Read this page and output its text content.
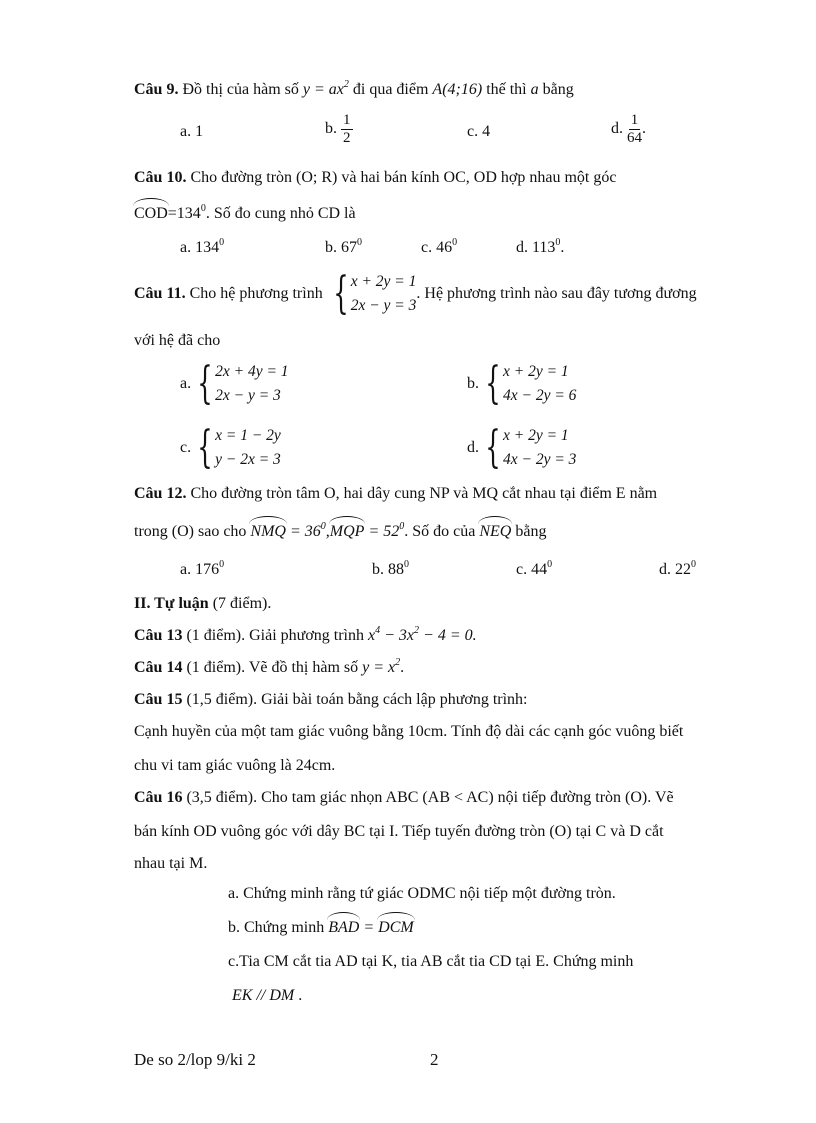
Câu 9. Đồ thị của hàm số $y = ax^2$ đi qua điểm A(4;16) thế thì a bằng
a. 1	b. $\frac{1}{2}$	c. 4	d. $\frac{1}{64}$ .
Câu 10. Cho đường tròn (O; R) và hai bán kính OC, OD hợp nhau một góc
$COD=134^0$. Số đo cung nhỏ CD là
a. $134^0$	b. $67^0$	c. $46^0$	d. $113^0$.
Câu 11. Cho hệ phương trình { x + 2y = 1
2x − y = 3
. Hệ phương trình nào sau đây tương đương
với hệ đã cho
a. { 2x + 4y = 1
2x − y = 3
b. { x + 2y = 1
4x − 2y = 6
c. { x = 1 − 2y
y − 2x = 3
d. { x + 2y = 1
4x − 2y = 3
Câu 12. Cho đường tròn tâm O, hai dây cung NP và MQ cắt nhau tại điểm E nằm
trong (O) sao cho NMQ = $36^0,MQP = 52^0$. Số đo của NEQ bằng
a. $176^0$	b. $88^0$	c. $44^0$	d. $22^0$
II. Tự luận (7 điểm).
Câu 13 (1 điểm). Giải phương trình $x^4 - 3x^2 - 4 = 0$.
Câu 14 (1 điểm). Vẽ đồ thị hàm số $y = x^2$.
Câu 15 (1,5 điểm). Giải bài toán bằng cách lập phương trình:
Cạnh huyền của một tam giác vuông bằng 10cm. Tính độ dài các cạnh góc vuông biết
chu vi tam giác vuông là 24cm.
Câu 16 (3,5 điểm). Cho tam giác nhọn ABC (AB < AC) nội tiếp đường tròn (O). Vẽ
bán kính OD vuông góc với dây BC tại I. Tiếp tuyến đường tròn (O) tại C và D cắt
nhau tại M.
a. Chứng minh rằng tứ giác ODMC nội tiếp một đường tròn.
b. Chứng minh BAD = DCM
c.Tia CM cắt tia AD tại K, tia AB cắt tia CD tại E. Chứng minh
EK // DM .
De so 2/lop 9/ki 2	2
